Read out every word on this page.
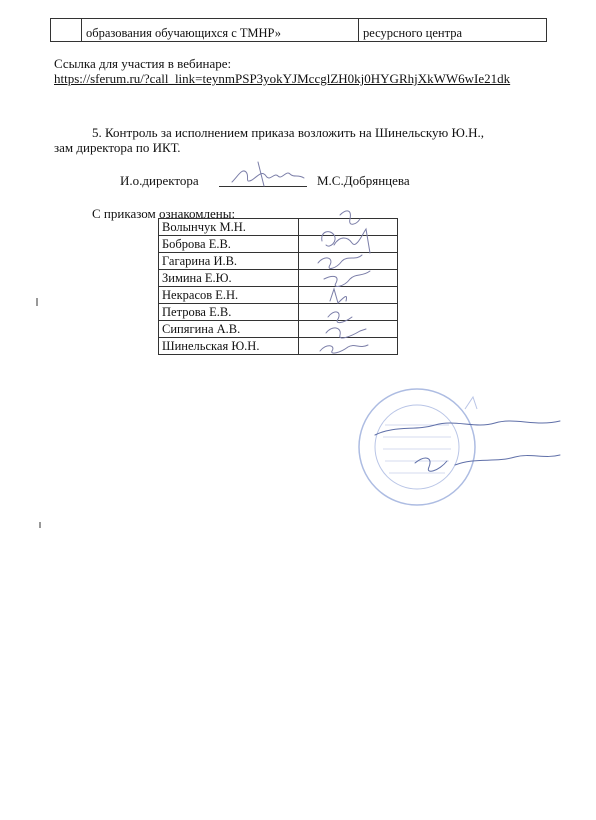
	образования обучающихся с ТМНР»	ресурсного центра
Ссылка для участия в вебинаре:
https://sferum.ru/?call_link=teynmPSP3yokYJMccglZH0kj0HYGRhjXkWW6wIe21dk
5. Контроль за исполнением приказа возложить на Шинельскую Ю.Н.,
зам директора по ИКТ.
И.о.директора	М.С.Добрянцева
С приказом ознакомлены:
Волынчук М.Н.	
Боброва Е.В.	
Гагарина И.В.	
Зимина Е.Ю.	
Некрасов Е.Н.	
Петрова Е.В.	
Сипягина А.В.	
Шинельская Ю.Н.	
